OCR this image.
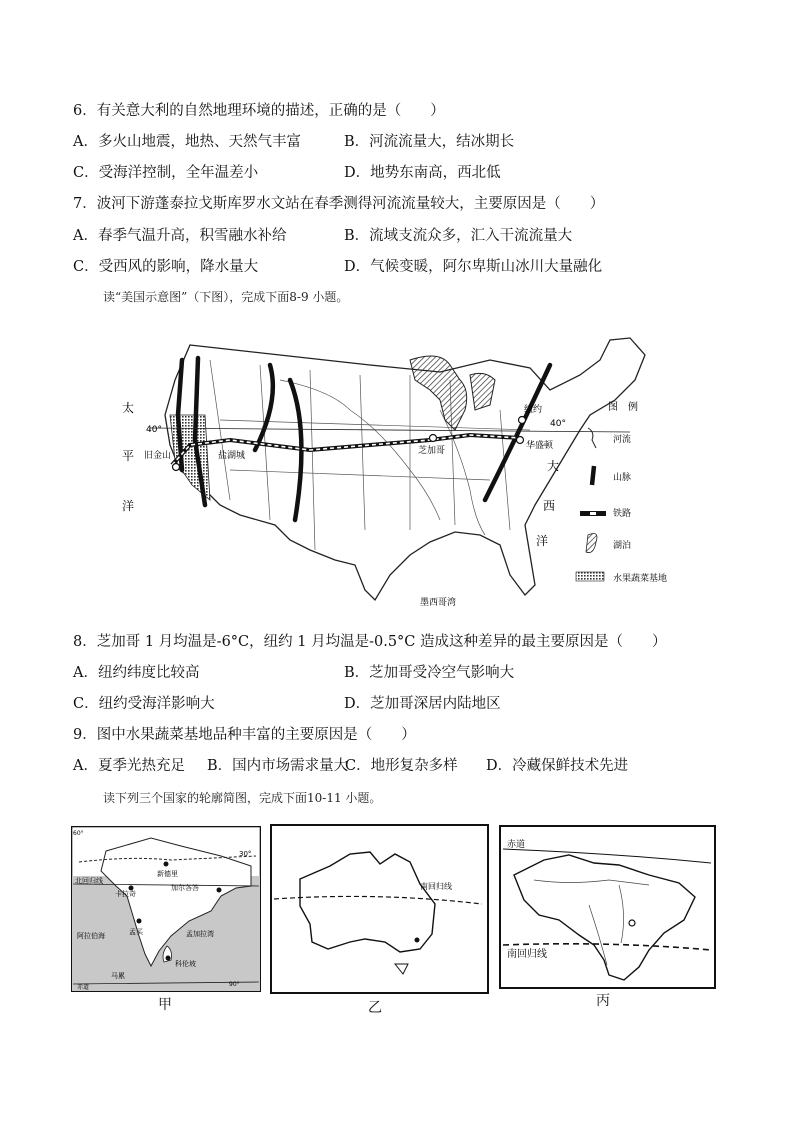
6．有关意大利的自然地理环境的描述，正确的是（　　）
A．多火山地震，地热、天然气丰富	B．河流流量大，结冰期长
C．受海洋控制，全年温差小	D．地势东南高，西北低
7．波河下游蓬泰拉戈斯库罗水文站在春季测得河流流量较大，主要原因是（　　）
A．春季气温升高，积雪融水补给	B．流域支流众多，汇入干流流量大
C．受西风的影响，降水量大	D．气候变暖，阿尔卑斯山冰川大量融化
读“美国示意图”（下图），完成下面8-9 小题。
太
平
洋
大
西
洋
40°
40°
旧金山	盐湖城	芝加哥
纽约
华盛顿
墨西哥湾
图　例
河流
山脉
铁路
湖泊
水果蔬菜基地
8．芝加哥 1 月均温是-6°C，纽约 1 月均温是-0.5°C 造成这种差异的最主要原因是（　　）
A．纽约纬度比较高	B．芝加哥受冷空气影响大
C．纽约受海洋影响大	D．芝加哥深居内陆地区
9．图中水果蔬菜基地品种丰富的主要原因是（　　）
A．夏季光热充足 B．国内市场需求量大
C．地形复杂多样 D．冷藏保鲜技术先进
读下列三个国家的轮廓简图，完成下面10-11 小题。
60°
90°
30°
北回归线
卡拉奇
新德里
加尔各答
孟买
阿拉伯海	孟加拉湾
科伦坡
马累
赤道
甲
南回归线
乙
赤道
南回归线
丙
